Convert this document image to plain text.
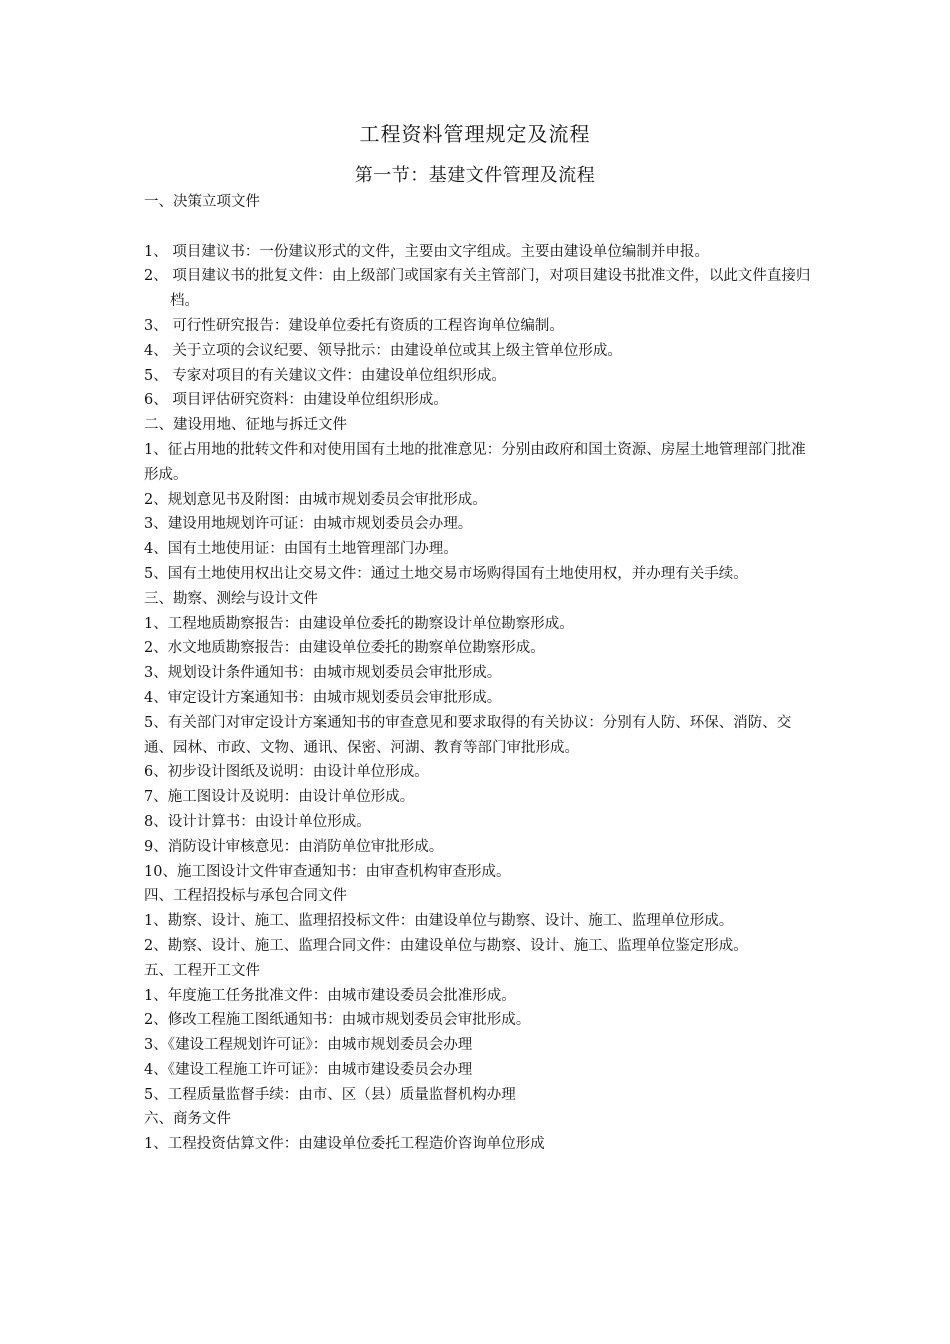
工程资料管理规定及流程
第一节：基建文件管理及流程
一、决策立项文件
1、 项目建议书：一份建议形式的文件，主要由文字组成。主要由建设单位编制并申报。
2、 项目建议书的批复文件：由上级部门或国家有关主管部门，对项目建设书批准文件，以此文件直接归档。
3、 可行性研究报告：建设单位委托有资质的工程咨询单位编制。
4、 关于立项的会议纪要、领导批示：由建设单位或其上级主管单位形成。
5、 专家对项目的有关建议文件：由建设单位组织形成。
6、 项目评估研究资料：由建设单位组织形成。
二、建设用地、征地与拆迁文件
1、征占用地的批转文件和对使用国有土地的批准意见：分别由政府和国土资源、房屋土地管理部门批准形成。
2、规划意见书及附图：由城市规划委员会审批形成。
3、建设用地规划许可证：由城市规划委员会办理。
4、国有土地使用证：由国有土地管理部门办理。
5、国有土地使用权出让交易文件：通过土地交易市场购得国有土地使用权，并办理有关手续。
三、勘察、测绘与设计文件
1、工程地质勘察报告：由建设单位委托的勘察设计单位勘察形成。
2、水文地质勘察报告：由建设单位委托的勘察单位勘察形成。
3、规划设计条件通知书：由城市规划委员会审批形成。
4、审定设计方案通知书：由城市规划委员会审批形成。
5、有关部门对审定设计方案通知书的审查意见和要求取得的有关协议：分别有人防、环保、消防、交通、园林、市政、文物、通讯、保密、河湖、教育等部门审批形成。
6、初步设计图纸及说明：由设计单位形成。
7、施工图设计及说明：由设计单位形成。
8、设计计算书：由设计单位形成。
9、消防设计审核意见：由消防单位审批形成。
10、施工图设计文件审查通知书：由审查机构审查形成。
四、工程招投标与承包合同文件
1、勘察、设计、施工、监理招投标文件：由建设单位与勘察、设计、施工、监理单位形成。
2、勘察、设计、施工、监理合同文件：由建设单位与勘察、设计、施工、监理单位鉴定形成。
五、工程开工文件
1、年度施工任务批准文件：由城市建设委员会批准形成。
2、修改工程施工图纸通知书：由城市规划委员会审批形成。
3、《建设工程规划许可证》：由城市规划委员会办理
4、《建设工程施工许可证》：由城市建设委员会办理
5、工程质量监督手续：由市、区（县）质量监督机构办理
六、商务文件
1、工程投资估算文件：由建设单位委托工程造价咨询单位形成
